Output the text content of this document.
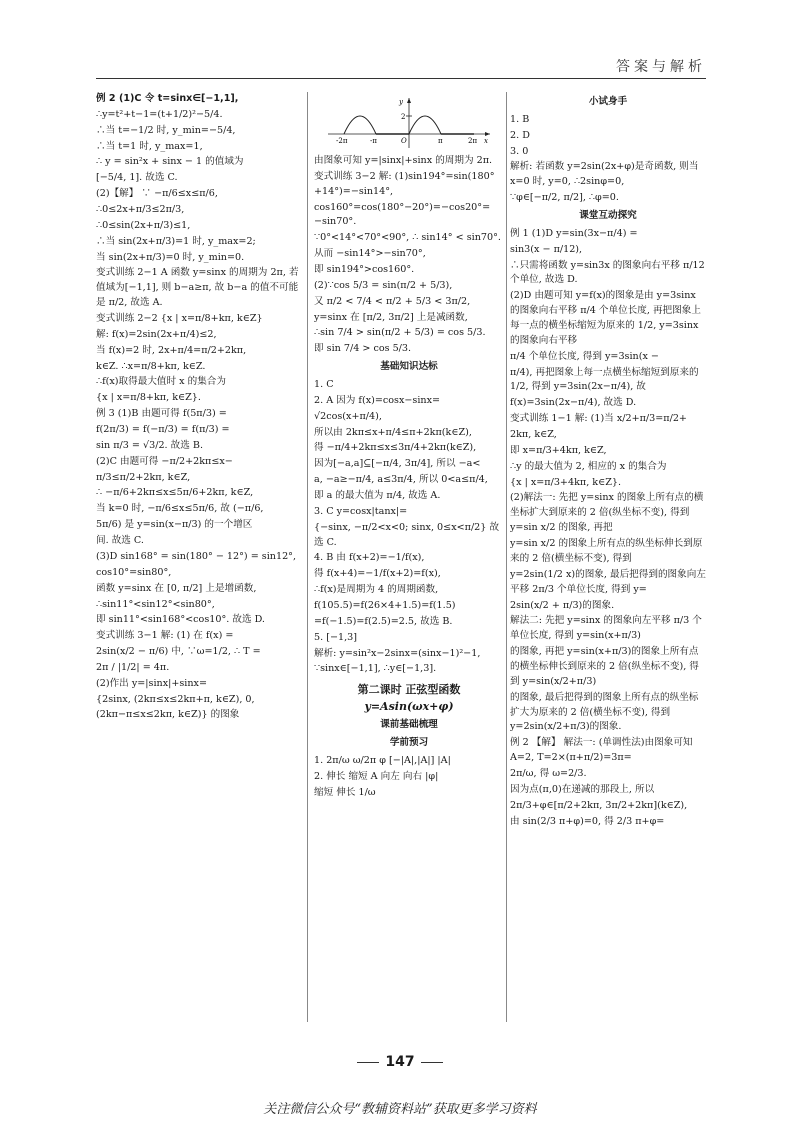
答案与解析

例 2 (1)C 令 t=sinx∈[−1,1],

∴y=t²+t−1=(t+1/2)²−5/4.

∴当 t=−1/2 时, y_min=−5/4,

∴当 t=1 时, y_max=1,

∴ y = sin²x + sinx − 1 的值域为

[−5/4, 1]. 故选 C.

(2)【解】 ∵ −π/6≤x≤π/6,

∴0≤2x+π/3≤2π/3,

∴0≤sin(2x+π/3)≤1,

∴当 sin(2x+π/3)=1 时, y_max=2;

当 sin(2x+π/3)=0 时, y_min=0.

变式训练 2−1 A 函数 y=sinx 的周期为 2π, 若值域为[−1,1], 则 b−a≥π, 故 b−a 的值不可能是 π/2, 故选 A.

变式训练 2−2 {x | x=π/8+kπ, k∈Z}

解: f(x)=2sin(2x+π/4)≤2,

当 f(x)=2 时, 2x+π/4=π/2+2kπ,

k∈Z. ∴x=π/8+kπ, k∈Z.

∴f(x)取得最大值时 x 的集合为

{x | x=π/8+kπ, k∈Z}.

例 3 (1)B 由题可得 f(5π/3) =

f(2π/3) = f(−π/3) = f(π/3) =

sin π/3 = √3/2. 故选 B.

(2)C 由题可得 −π/2+2kπ≤x−

π/3≤π/2+2kπ, k∈Z,

∴ −π/6+2kπ≤x≤5π/6+2kπ, k∈Z,

当 k=0 时, −π/6≤x≤5π/6, 故 (−π/6,

5π/6) 是 y=sin(x−π/3) 的一个增区

间. 故选 C.

(3)D sin168° = sin(180° − 12°) = sin12°,

cos10°=sin80°,

函数 y=sinx 在 [0, π/2] 上是增函数,

∴sin11°<sin12°<sin80°,

即 sin11°<sin168°<cos10°. 故选 D.

变式训练 3−1 解: (1) 在 f(x) =

2sin(x/2 − π/6) 中, ∵ω=1/2, ∴ T =

2π / |1/2| = 4π.

(2)作出 y=|sinx|+sinx=

{2sinx, (2kπ≤x≤2kπ+π, k∈Z), 0, (2kπ−π≤x≤2kπ, k∈Z)} 的图象

y
2
-2π	-π	O	π	2π x

由图象可知 y=|sinx|+sinx 的周期为 2π.

变式训练 3−2 解: (1)sin194°=sin(180° +14°)=−sin14°,

cos160°=cos(180°−20°)=−cos20°= −sin70°.

∵0°<14°<70°<90°, ∴ sin14° < sin70°.

从而 −sin14°>−sin70°,

即 sin194°>cos160°.

(2)∵cos 5/3 = sin(π/2 + 5/3),

又 π/2 < 7/4 < π/2 + 5/3 < 3π/2,

y=sinx 在 [π/2, 3π/2] 上是减函数,

∴sin 7/4 > sin(π/2 + 5/3) = cos 5/3.

即 sin 7/4 > cos 5/3.

基础知识达标

1. C

2. A 因为 f(x)=cosx−sinx=

√2cos(x+π/4),

所以由 2kπ≤x+π/4≤π+2kπ(k∈Z),

得 −π/4+2kπ≤x≤3π/4+2kπ(k∈Z),

因为[−a,a]⊆[−π/4, 3π/4], 所以 −a<

a, −a≥−π/4, a≤3π/4, 所以 0<a≤π/4,

即 a 的最大值为 π/4, 故选 A.

3. C y=cosx|tanx|=

{−sinx, −π/2<x<0; sinx, 0≤x<π/2} 故选 C.

4. B 由 f(x+2)=−1/f(x),

得 f(x+4)=−1/f(x+2)=f(x),

∴f(x)是周期为 4 的周期函数,

f(105.5)=f(26×4+1.5)=f(1.5)

=f(−1.5)=f(2.5)=2.5, 故选 B.

5. [−1,3]

解析: y=sin²x−2sinx=(sinx−1)²−1, ∵sinx∈[−1,1], ∴y∈[−1,3].

第二课时 正弦型函数

y=Asin(ωx+φ)

课前基础梳理

学前预习

1. 2π/ω ω/2π φ [−|A|,|A|] |A|

2. 伸长 缩短 A 向左 向右 |φ|

缩短 伸长 1/ω

小试身手

1. B

2. D

3. 0

解析: 若函数 y=2sin(2x+φ)是奇函数, 则当 x=0 时, y=0, ∴2sinφ=0,

∵φ∈[−π/2, π/2], ∴φ=0.

课堂互动探究

例 1 (1)D y=sin(3x−π/4) =

sin3(x − π/12),

∴只需将函数 y=sin3x 的图象向右平移 π/12 个单位, 故选 D.

(2)D 由题可知 y=f(x)的图象是由 y=3sinx 的图象向右平移 π/4 个单位长度, 再把图象上每一点的横坐标缩短为原来的 1/2, y=3sinx 的图象向右平移

π/4 个单位长度, 得到 y=3sin(x −

π/4), 再把图象上每一点横坐标缩短到原来的 1/2, 得到 y=3sin(2x−π/4), 故

f(x)=3sin(2x−π/4), 故选 D.

变式训练 1−1 解: (1)当 x/2+π/3=π/2+

2kπ, k∈Z,

即 x=π/3+4kπ, k∈Z,

∴y 的最大值为 2, 相应的 x 的集合为

{x | x=π/3+4kπ, k∈Z}.

(2)解法一: 先把 y=sinx 的图象上所有点的横坐标扩大到原来的 2 倍(纵坐标不变), 得到 y=sin x/2 的图象, 再把

y=sin x/2 的图象上所有点的纵坐标伸长到原来的 2 倍(横坐标不变), 得到

y=2sin(1/2 x)的图象, 最后把得到的图象向左平移 2π/3 个单位长度, 得到 y=

2sin(x/2 + π/3)的图象.

解法二: 先把 y=sinx 的图象向左平移 π/3 个单位长度, 得到 y=sin(x+π/3)

的图象, 再把 y=sin(x+π/3)的图象上所有点的横坐标伸长到原来的 2 倍(纵坐标不变), 得到 y=sin(x/2+π/3)

的图象, 最后把得到的图象上所有点的纵坐标扩大为原来的 2 倍(横坐标不变), 得到 y=2sin(x/2+π/3)的图象.

例 2 【解】 解法一: (单调性法)由图象可知 A=2, T=2×(π+π/2)=3π=

2π/ω, 得 ω=2/3.

因为点(π,0)在递减的那段上, 所以

2π/3+φ∈[π/2+2kπ, 3π/2+2kπ](k∈Z),

由 sin(2/3 π+φ)=0, 得 2/3 π+φ=

147
关注微信公众号“教辅资料站”获取更多学习资料
